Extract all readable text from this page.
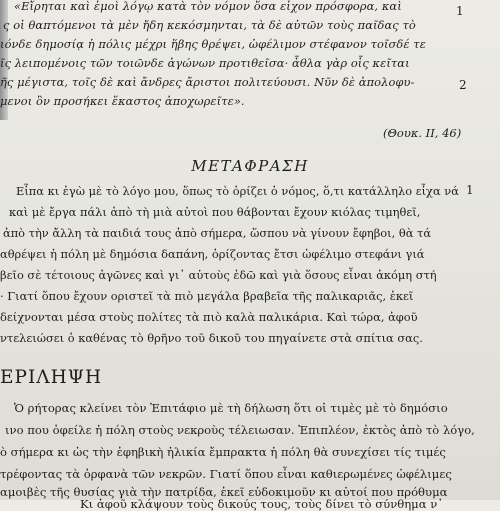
«Εἴρηται καὶ ἐμοὶ λόγῳ κατὰ τὸν νόμον ὅσα εἶχον πρόσφορα, καὶ
ς οἱ θαπτόμενοι τὰ μὲν ἤδη κεκόσμηνται, τὰ δὲ αὐτῶν τοὺς παῖδας τὸ
ιόνδε δημοσίᾳ ἡ πόλις μέχρι ἥβης θρέψει, ὠφέλιμον στέφανον τοῖσδέ τε
ῖς λειπομένοις τῶν τοιῶνδε ἀγώνων προτιθεῖσα· ἆθλα γὰρ οἷς κεῖται
ῆς μέγιστα, τοῖς δὲ καὶ ἄνδρες ἄριστοι πολιτεύουσι. Νῦν δὲ ἀπολοφυ-
μενοι ὃν προσήκει ἕκαστος ἀποχωρεῖτε».
1
2
(Θουκ. ΙΙ, 46)
ΜΕΤΑΦΡΑΣΗ
Εἶπα κι ἐγὼ μὲ τὸ λόγο μου, ὅπως τὸ ὁρίζει ὁ νόμος, ὅ,τι κατάλληλο εἶχα νά
καὶ μὲ ἔργα πάλι ἀπὸ τὴ μιὰ αὐτοὶ που θάβονται ἔχουν κιόλας τιμηθεῖ,
ἀπὸ τὴν ἄλλη τὰ παιδιά τους ἀπὸ σήμερα, ὥσπου νὰ γίνουν ἔφηβοι, θὰ τά
αθρέψει ἡ πόλη μὲ δημόσια δαπάνη, ὁρίζοντας ἔτσι ὠφέλιμο στεφάνι γιά
βεῖο σὲ τέτοιους ἀγῶνες καὶ γι᾿ αὐτοὺς ἐδῶ καὶ γιὰ ὅσους εἶναι ἀκόμη στή
· Γιατί ὅπου ἔχουν οριστεῖ τὰ πιὸ μεγάλα βραβεῖα τῆς παλικαριᾶς, ἐκεῖ
δείχνονται μέσα στοὺς πολίτες τὰ πιὸ καλὰ παλικάρια. Καὶ τώρα, ἀφοῦ
ντελειώσει ὁ καθένας τὸ θρῆνο τοῦ δικοῦ του πηγαίνετε στὰ σπίτια σας.
1
ΕΡΙΛΗΨΗ
Ὁ ρήτορας κλείνει τὸν Ἐπιτάφιο μὲ τὴ δήλωση ὅτι οἱ τιμὲς μὲ τὸ δημόσιο
ινο που ὀφείλε ἡ πόλη στοὺς νεκροὺς τέλειωσαν. Ἐπιπλέον, ἐκτὸς ἀπὸ τὸ λόγο,
ὸ σήμερα κι ὡς τὴν ἐφηβικὴ ἡλικία ἔμπρακτα ἡ πόλη θὰ συνεχίσει τίς τιμές
τρέφοντας τὰ ὀρφανὰ τῶν νεκρῶν. Γιατί ὅπου εἶναι καθιερωμένες ὠφέλιμες
αμοιβὲς τῆς θυσίας γιὰ τὴν πατρίδα, ἐκεῖ εὐδοκιμοῦν κι αὐτοί που πρόθυμα
Κι ἀφοῦ κλάψουν τοὺς δικούς τους, τοὺς δίνει τὸ σύνθημα ν᾿
